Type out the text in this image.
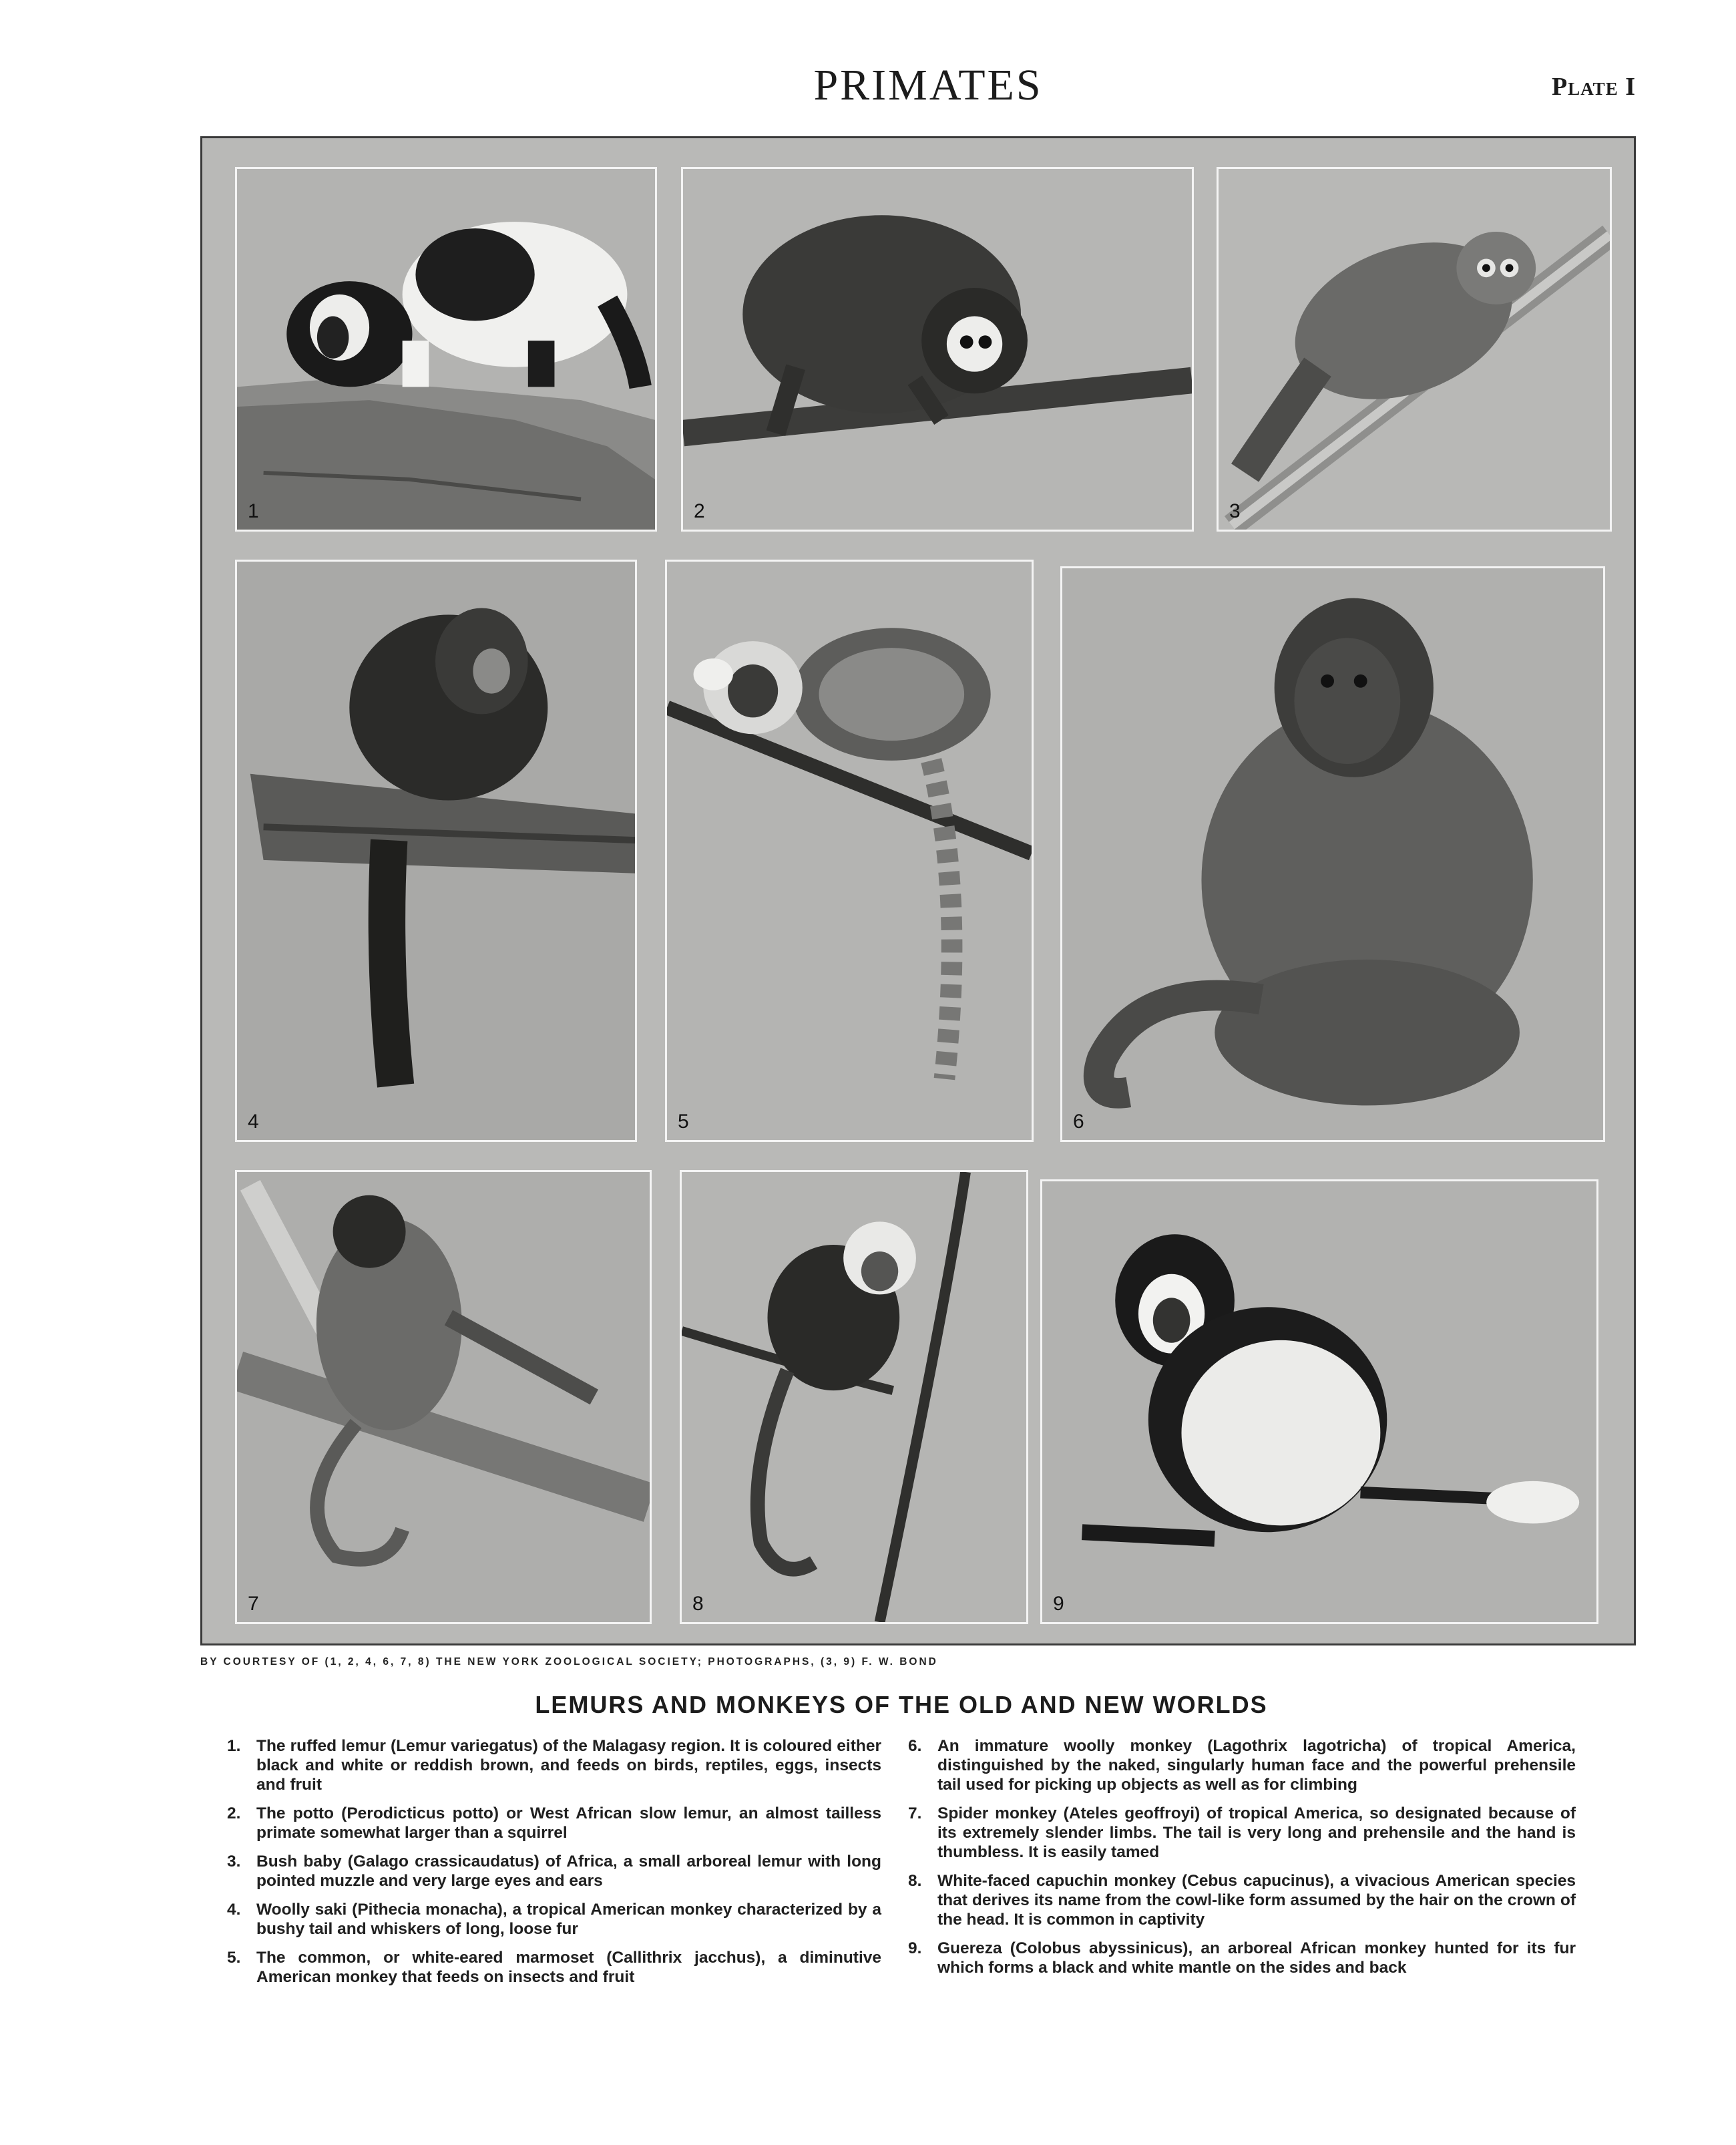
PRIMATES	Plate I
1	2	3
4	5	6
7	8	9
BY COURTESY OF (1, 2, 4, 6, 7, 8) THE NEW YORK ZOOLOGICAL SOCIETY; PHOTOGRAPHS, (3, 9) F. W. BOND
LEMURS AND MONKEYS OF THE OLD AND NEW WORLDS
1. The ruffed lemur (Lemur variegatus) of the Malagasy region. It is coloured either black and white or reddish brown, and feeds on birds, reptiles, eggs, insects and fruit
2. The potto (Perodicticus potto) or West African slow lemur, an almost tailless primate somewhat larger than a squirrel
3. Bush baby (Galago crassicaudatus) of Africa, a small arboreal lemur with long pointed muzzle and very large eyes and ears
4. Woolly saki (Pithecia monacha), a tropical American monkey characterized by a bushy tail and whiskers of long, loose fur
5. The common, or white-eared marmoset (Callithrix jacchus), a diminutive American monkey that feeds on insects and fruit
6. An immature woolly monkey (Lagothrix lagotricha) of tropical America, distinguished by the naked, singularly human face and the powerful prehensile tail used for picking up objects as well as for climbing
7. Spider monkey (Ateles geoffroyi) of tropical America, so designated because of its extremely slender limbs. The tail is very long and prehensile and the hand is thumbless. It is easily tamed
8. White-faced capuchin monkey (Cebus capucinus), a vivacious American species that derives its name from the cowl-like form assumed by the hair on the crown of the head. It is common in captivity
9. Guereza (Colobus abyssinicus), an arboreal African monkey hunted for its fur which forms a black and white mantle on the sides and back
